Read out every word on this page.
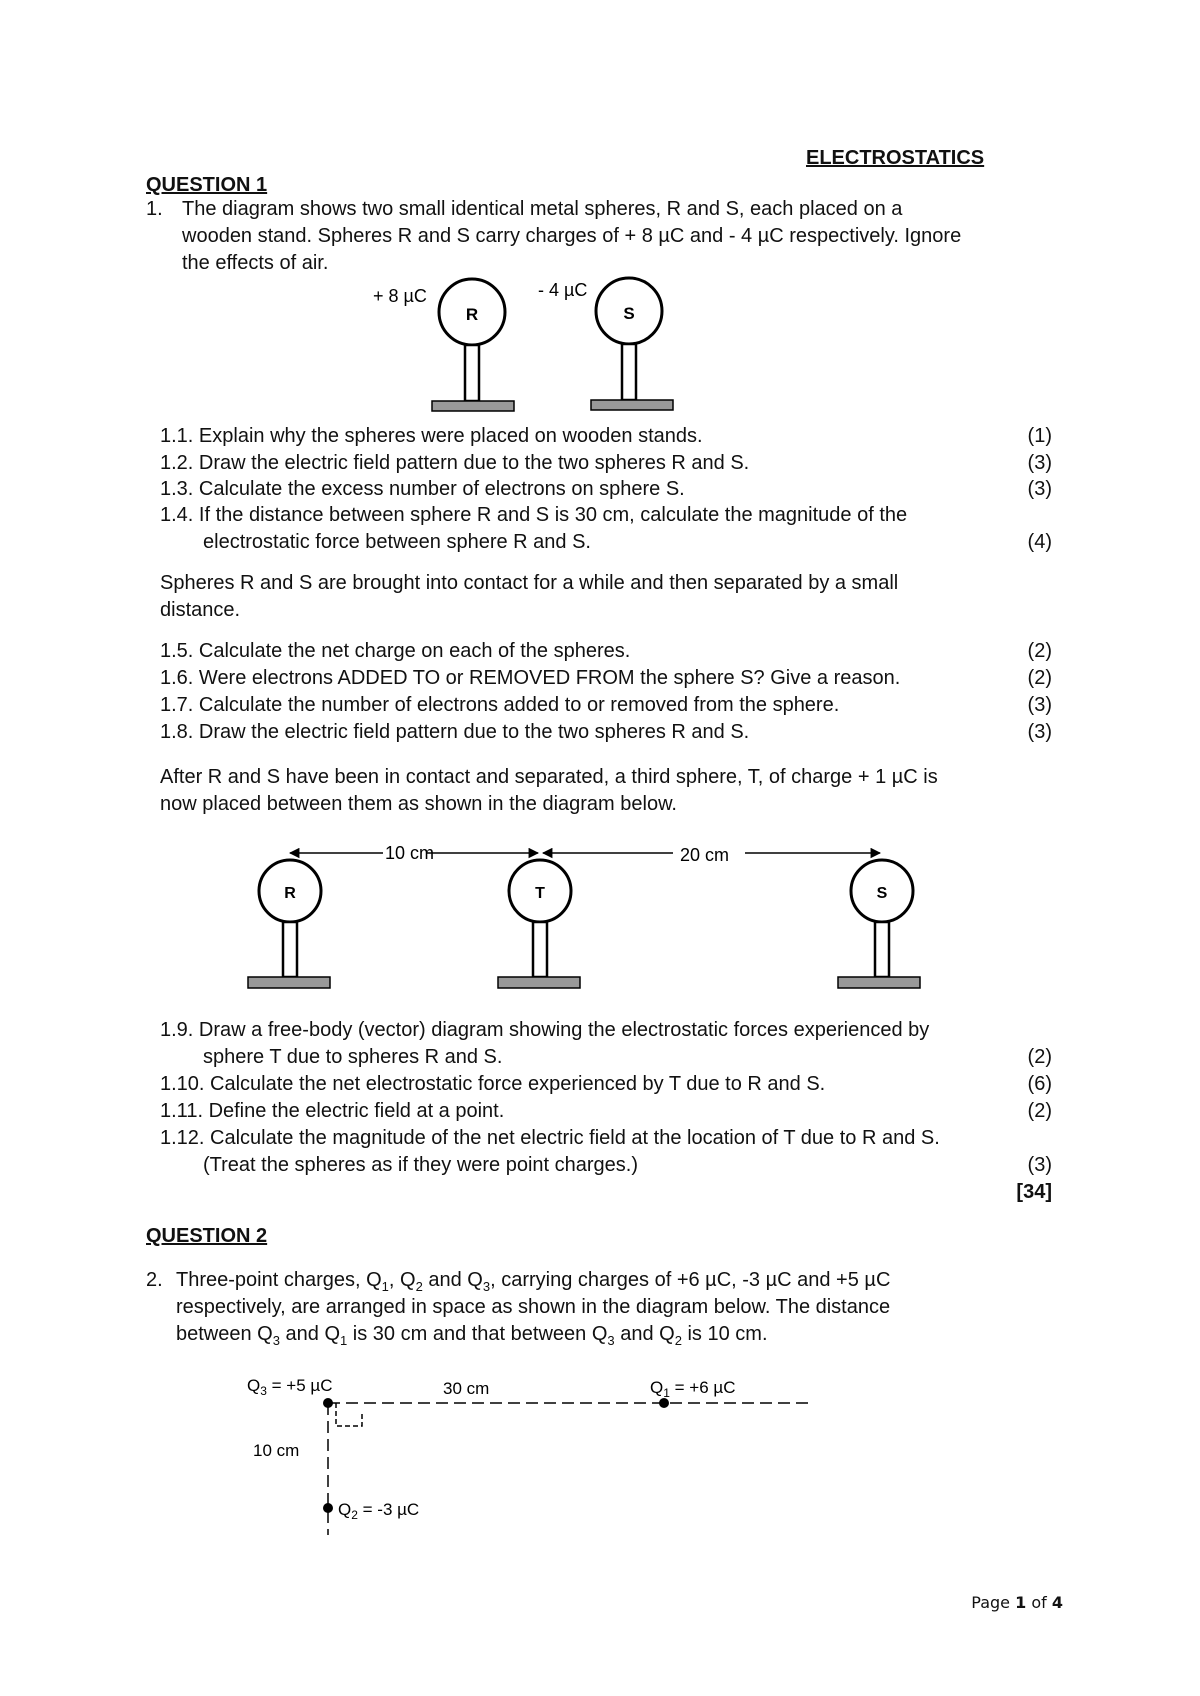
ELECTROSTATICS
QUESTION 1
1. The diagram shows two small identical metal spheres, R and S, each placed on a
wooden stand. Spheres R and S carry charges of + 8 µC and - 4 µC respectively. Ignore
the effects of air.
R
+ 8 µC
S
- 4 µC
1.1. Explain why the spheres were placed on wooden stands.	(1)
1.2. Draw the electric field pattern due to the two spheres R and S.	(3)
1.3. Calculate the excess number of electrons on sphere S.	(3)
1.4. If the distance between sphere R and S is 30 cm, calculate the magnitude of the
electrostatic force between sphere R and S.	(4)
Spheres R and S are brought into contact for a while and then separated by a small
distance.
1.5. Calculate the net charge on each of the spheres.	(2)
1.6. Were electrons ADDED TO or REMOVED FROM the sphere S? Give a reason.	(2)
1.7. Calculate the number of electrons added to or removed from the sphere.	(3)
1.8. Draw the electric field pattern due to the two spheres R and S.	(3)
After R and S have been in contact and separated, a third sphere, T, of charge + 1 µC is
now placed between them as shown in the diagram below.
10 cm	20 cm
R	T	S
1.9. Draw a free-body (vector) diagram showing the electrostatic forces experienced by
sphere T due to spheres R and S.	(2)
1.10. Calculate the net electrostatic force experienced by T due to R and S.	(6)
1.11. Define the electric field at a point.	(2)
1.12. Calculate the magnitude of the net electric field at the location of T due to R and S.
(Treat the spheres as if they were point charges.)	(3)
[34]
QUESTION 2
2. Three-point charges, $Q_1$, $Q_2$ and $Q_3$, carrying charges of +6 µC, -3 µC and +5 µC
respectively, are arranged in space as shown in the diagram below. The distance
between $Q_3$ and $Q_1$ is 30 cm and that between $Q_3$ and $Q_2$ is 10 cm.
$Q_3 = +5$ µC	$Q_1 = +6$ µC
$Q_2 = -3$ µC
30 cm
10 cm
Page 1 of 4
